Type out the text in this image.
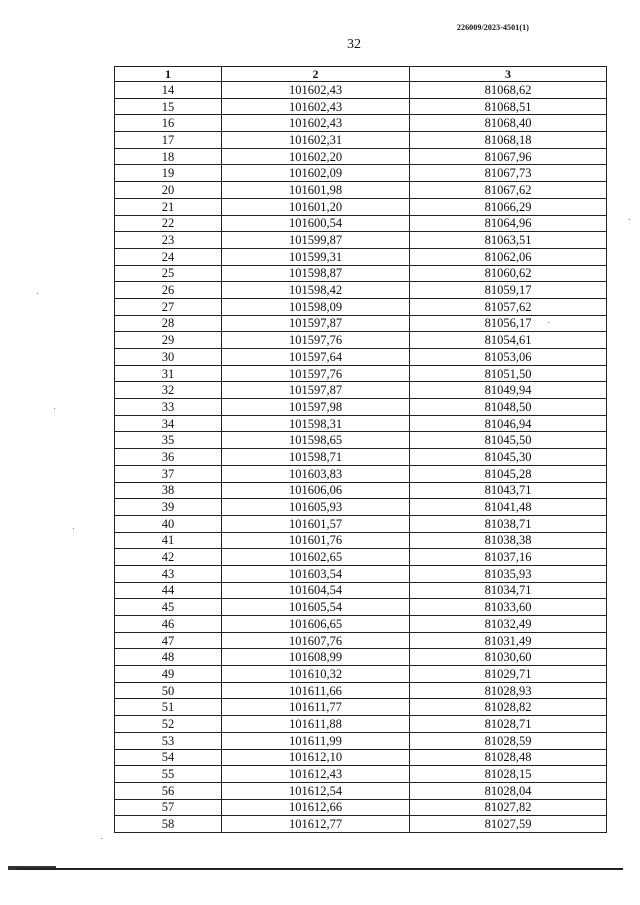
226009/2023-4501(1)
32
1	2	3
14	101602,43	81068,62
15	101602,43	81068,51
16	101602,43	81068,40
17	101602,31	81068,18
18	101602,20	81067,96
19	101602,09	81067,73
20	101601,98	81067,62
21	101601,20	81066,29
22	101600,54	81064,96
23	101599,87	81063,51
24	101599,31	81062,06
25	101598,87	81060,62
26	101598,42	81059,17
27	101598,09	81057,62
28	101597,87	81056,17
29	101597,76	81054,61
30	101597,64	81053,06
31	101597,76	81051,50
32	101597,87	81049,94
33	101597,98	81048,50
34	101598,31	81046,94
35	101598,65	81045,50
36	101598,71	81045,30
37	101603,83	81045,28
38	101606,06	81043,71
39	101605,93	81041,48
40	101601,57	81038,71
41	101601,76	81038,38
42	101602,65	81037,16
43	101603,54	81035,93
44	101604,54	81034,71
45	101605,54	81033,60
46	101606,65	81032,49
47	101607,76	81031,49
48	101608,99	81030,60
49	101610,32	81029,71
50	101611,66	81028,93
51	101611,77	81028,82
52	101611,88	81028,71
53	101611,99	81028,59
54	101612,10	81028,48
55	101612,43	81028,15
56	101612,54	81028,04
57	101612,66	81027,82
58	101612,77	81027,59
